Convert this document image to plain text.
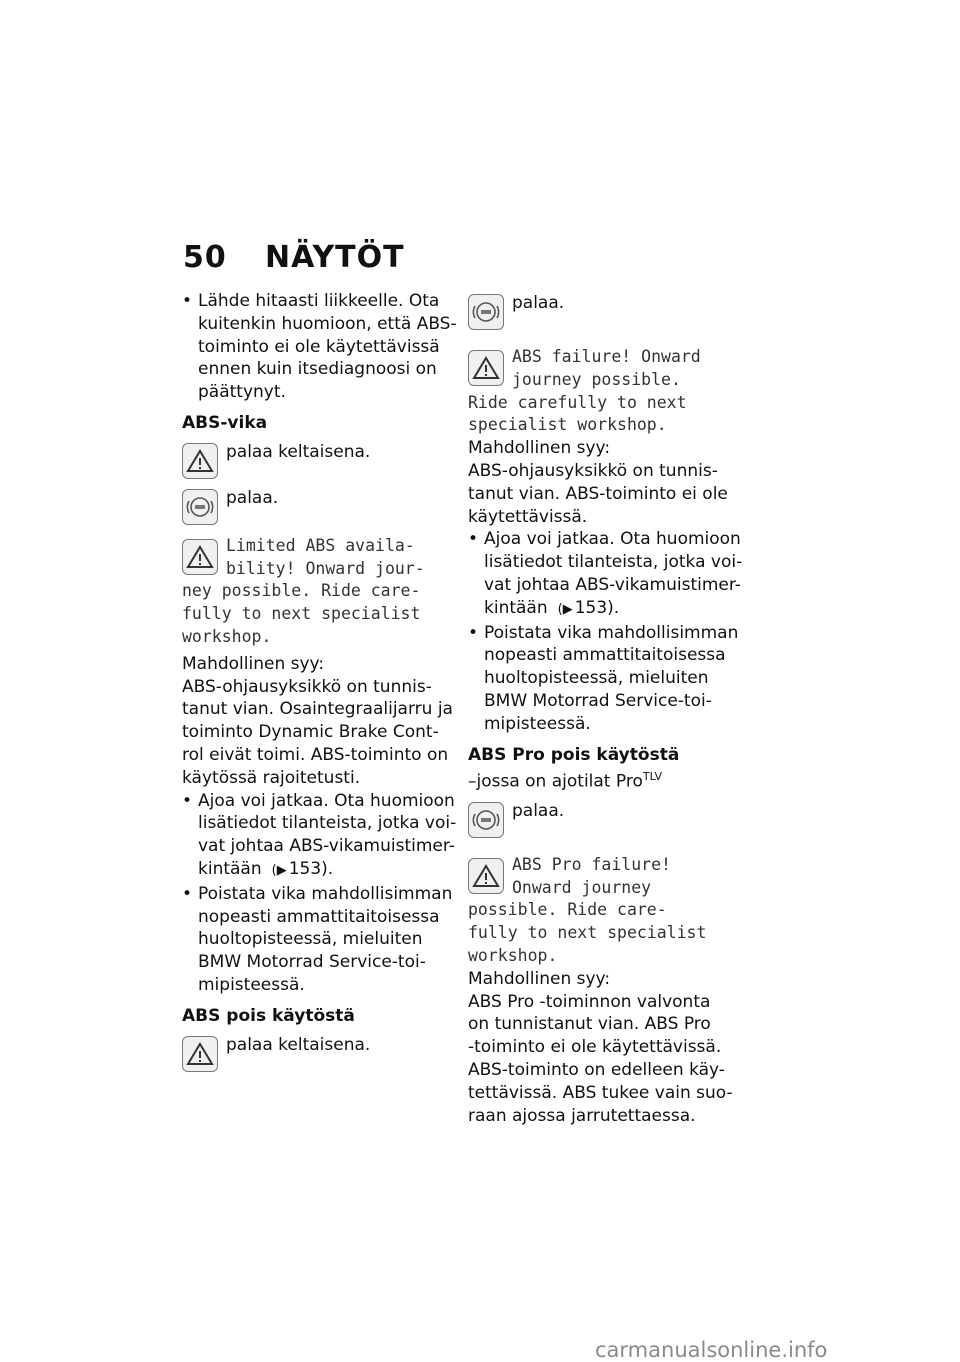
50 NÄYTÖT
• Lähde hitaasti liikkeelle. Ota
kuitenkin huomioon, että ABS-
toiminto ei ole käytettävissä
ennen kuin itsediagnoosi on
päättynyt.
ABS-vika
palaa keltaisena.
palaa.
Limited ABS availa-
bility! Onward jour-
ney possible. Ride care-
fully to next specialist
workshop.
Mahdollinen syy:
ABS-ohjausyksikkö on tunnis-
tanut vian. Osaintegraalijarru ja
toiminto Dynamic Brake Cont-
rol eivät toimi. ABS-toiminto on
käytössä rajoitetusti.
• Ajoa voi jatkaa. Ota huomioon
lisätiedot tilanteista, jotka voi-
vat johtaa ABS-vikamuistimer-
kintään (▶ 153).
• Poistata vika mahdollisimman
nopeasti ammattitaitoisessa
huoltopisteessä, mieluiten
BMW Motorrad Service-toi-
mipisteessä.
ABS pois käytöstä
palaa keltaisena.
palaa.
ABS failure! Onward
journey possible.
Ride carefully to next
specialist workshop.
Mahdollinen syy:
ABS-ohjausyksikkö on tunnis-
tanut vian. ABS-toiminto ei ole
käytettävissä.
• Ajoa voi jatkaa. Ota huomioon
lisätiedot tilanteista, jotka voi-
vat johtaa ABS-vikamuistimer-
kintään (▶ 153).
• Poistata vika mahdollisimman
nopeasti ammattitaitoisessa
huoltopisteessä, mieluiten
BMW Motorrad Service-toi-
mipisteessä.
ABS Pro pois käytöstä
–jossa on ajotilat Pro$^{TLV}$
palaa.
ABS Pro failure!
Onward journey
possible. Ride care-
fully to next specialist
workshop.
Mahdollinen syy:
ABS Pro -toiminnon valvonta
on tunnistanut vian. ABS Pro
-toiminto ei ole käytettävissä.
ABS-toiminto on edelleen käy-
tettävissä. ABS tukee vain suo-
raan ajossa jarrutettaessa.
carmanualsonline.info
